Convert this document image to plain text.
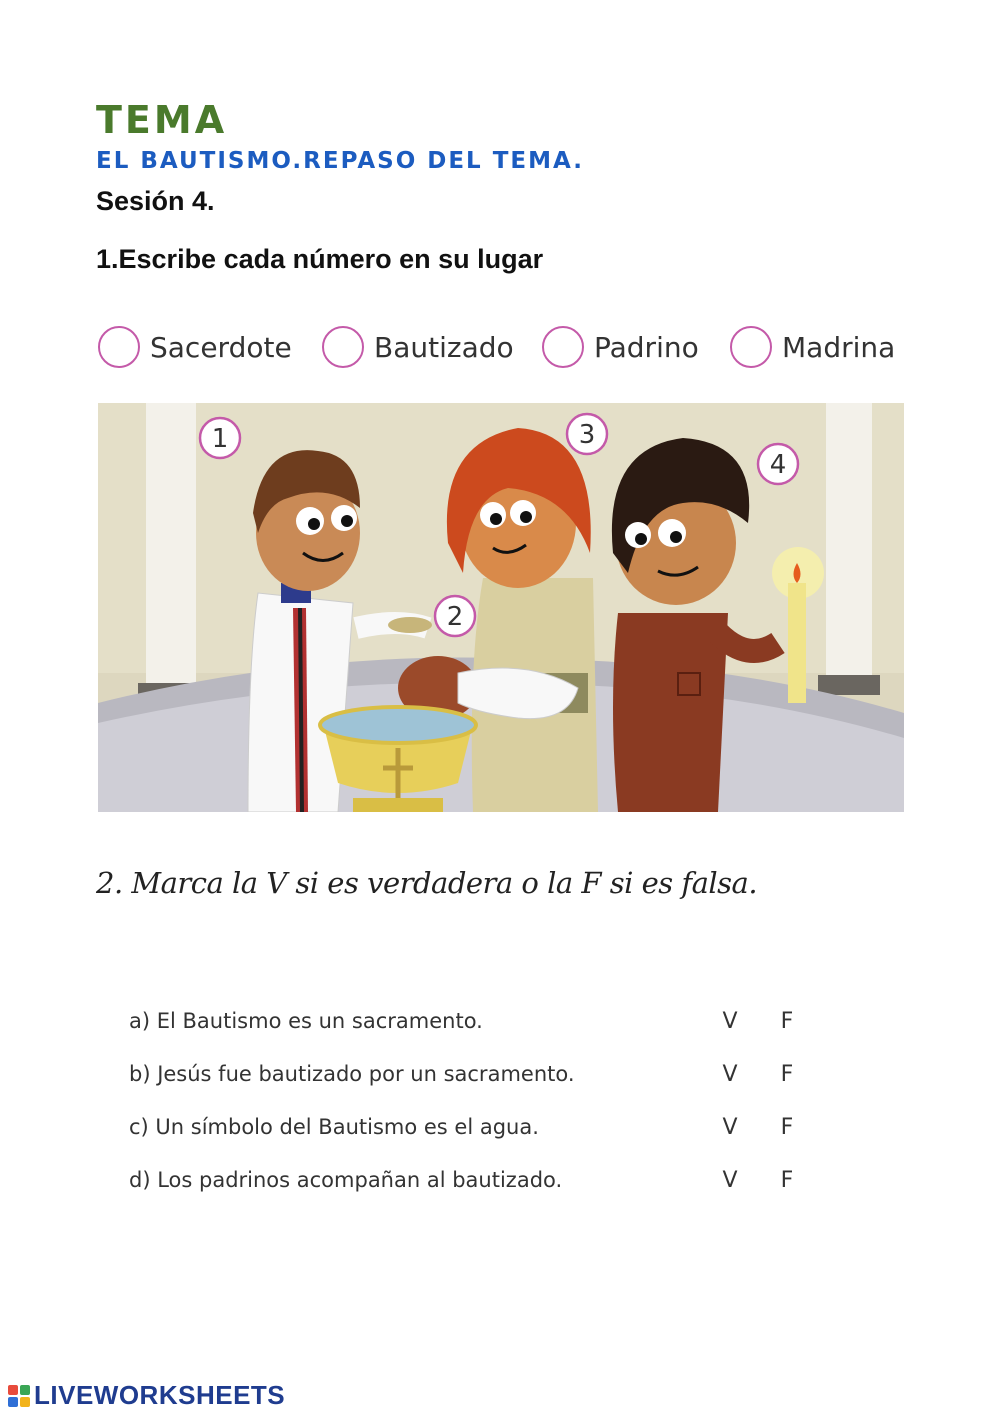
TEMA
EL BAUTISMO.REPASO DEL TEMA.
Sesión 4.
1.Escribe cada número en su lugar
Sacerdote	Bautizado	Padrino	Madrina
1
2
3
4
2. Marca la V si es verdadera o la F si es falsa.
a) El Bautismo es un sacramento.	V	F
b) Jesús fue bautizado por un sacramento.	V	F
c) Un símbolo del Bautismo es el agua.	V	F
d) Los padrinos acompañan al bautizado.	V	F
LIVEWORKSHEETS
